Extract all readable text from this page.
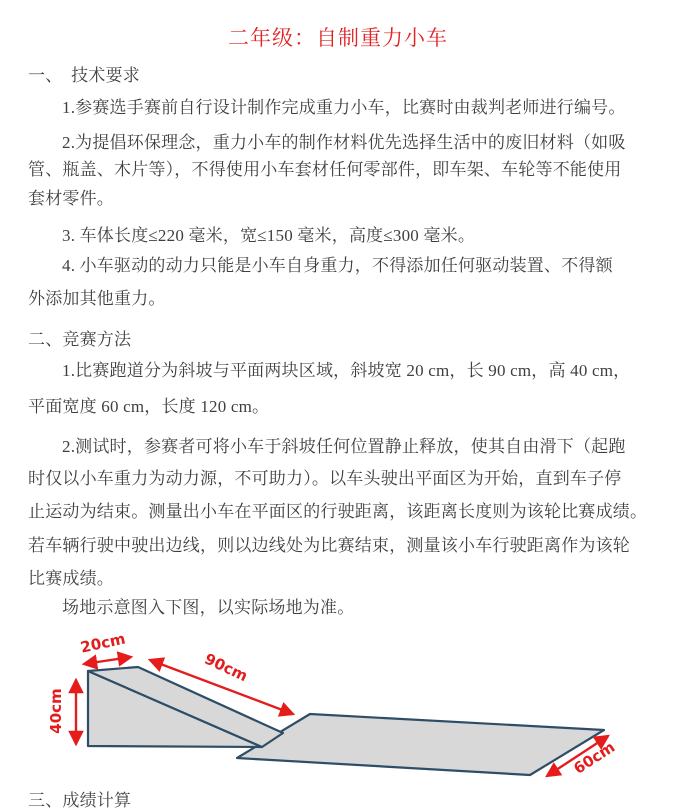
二年级：自制重力小车
一、　技术要求
1.参赛选手赛前自行设计制作完成重力小车，比赛时由裁判老师进行编号。
2.为提倡环保理念，重力小车的制作材料优先选择生活中的废旧材料（如吸
管、瓶盖、木片等），不得使用小车套材任何零部件，即车架、车轮等不能使用
套材零件。
3. 车体长度≤220 毫米，宽≤150 毫米，高度≤300 毫米。
4. 小车驱动的动力只能是小车自身重力，不得添加任何驱动装置、不得额
外添加其他重力。
二、竞赛方法
1.比赛跑道分为斜坡与平面两块区域，斜坡宽 20 cm，长 90 cm，高 40 cm，
平面宽度 60 cm，长度 120 cm。
2.测试时，参赛者可将小车于斜坡任何位置静止释放，使其自由滑下（起跑
时仅以小车重力为动力源，不可助力）。以车头驶出平面区为开始，直到车子停
止运动为结束。测量出小车在平面区的行驶距离，该距离长度则为该轮比赛成绩。
若车辆行驶中驶出边线，则以边线处为比赛结束，测量该小车行驶距离作为该轮
比赛成绩。
场地示意图入下图，以实际场地为准。
三、成绩计算
20cm
40cm
90cm
60cm
